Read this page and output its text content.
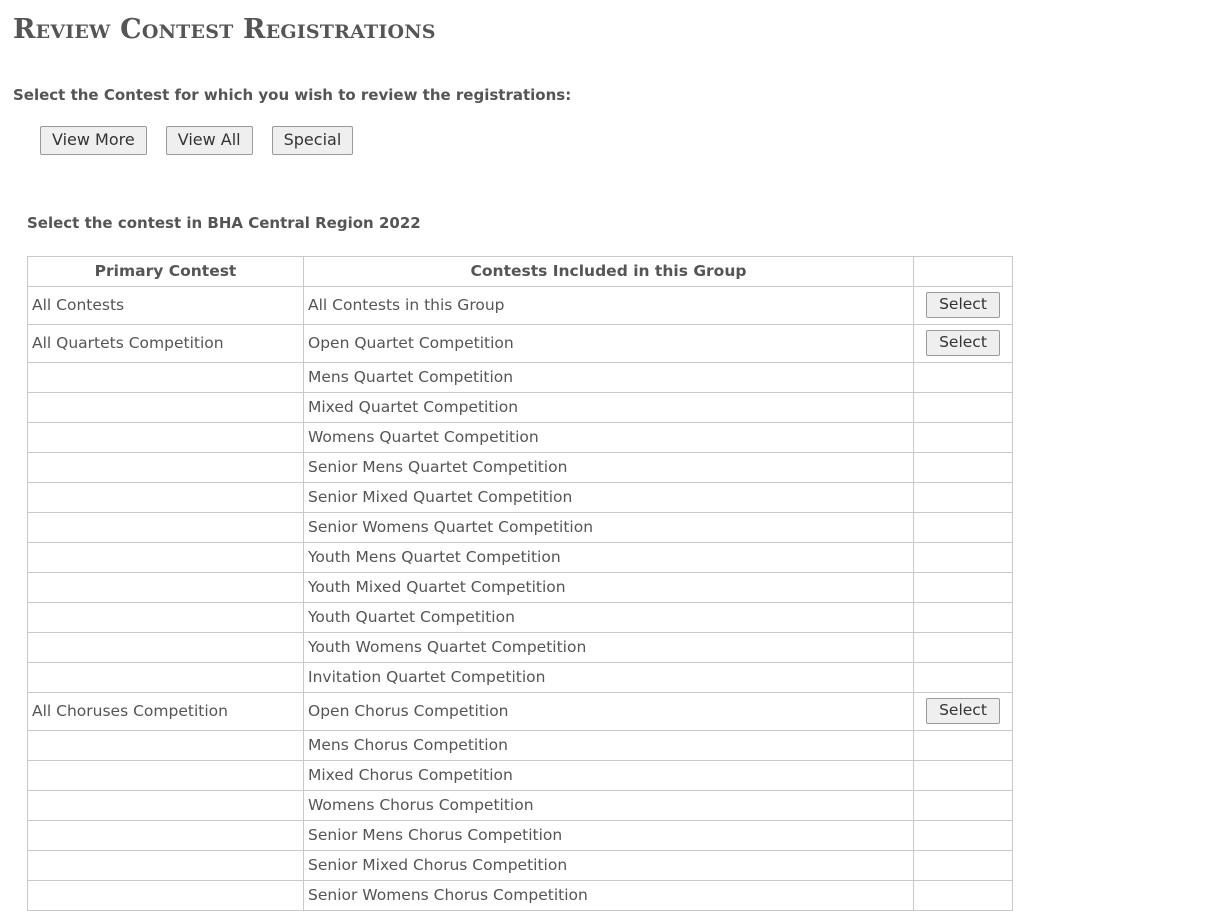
Review Contest Registrations
Select the Contest for which you wish to review the registrations:
View More	View All	Special
Select the contest in BHA Central Region 2022
Primary Contest	Contests Included in this Group	
All Contests	All Contests in this Group	Select
All Quartets Competition	Open Quartet Competition	Select
	Mens Quartet Competition	
	Mixed Quartet Competition	
	Womens Quartet Competition	
	Senior Mens Quartet Competition	
	Senior Mixed Quartet Competition	
	Senior Womens Quartet Competition	
	Youth Mens Quartet Competition	
	Youth Mixed Quartet Competition	
	Youth Quartet Competition	
	Youth Womens Quartet Competition	
	Invitation Quartet Competition	
All Choruses Competition	Open Chorus Competition	Select
	Mens Chorus Competition	
	Mixed Chorus Competition	
	Womens Chorus Competition	
	Senior Mens Chorus Competition	
	Senior Mixed Chorus Competition	
	Senior Womens Chorus Competition	
